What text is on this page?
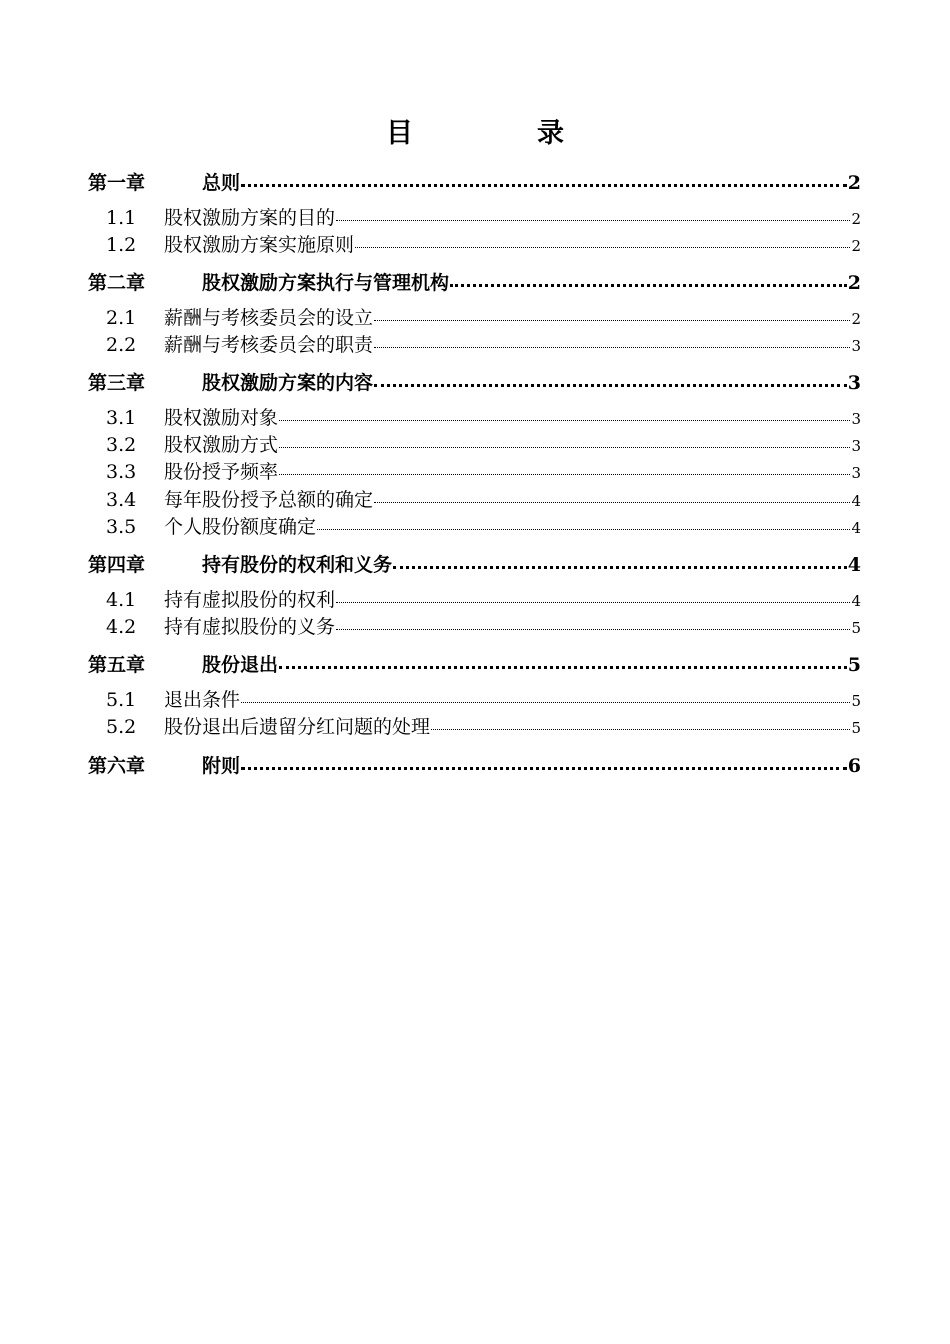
目	录
第一章	总则	2
1.1	股权激励方案的目的	2
1.2	股权激励方案实施原则	2
第二章	股权激励方案执行与管理机构	2
2.1	薪酬与考核委员会的设立	2
2.2	薪酬与考核委员会的职责	3
第三章	股权激励方案的内容	3
3.1	股权激励对象	3
3.2	股权激励方式	3
3.3	股份授予频率	3
3.4	每年股份授予总额的确定	4
3.5	个人股份额度确定	4
第四章	持有股份的权利和义务	4
4.1	持有虚拟股份的权利	4
4.2	持有虚拟股份的义务	5
第五章	股份退出	5
5.1	退出条件	5
5.2	股份退出后遗留分红问题的处理	5
第六章	附则	6
